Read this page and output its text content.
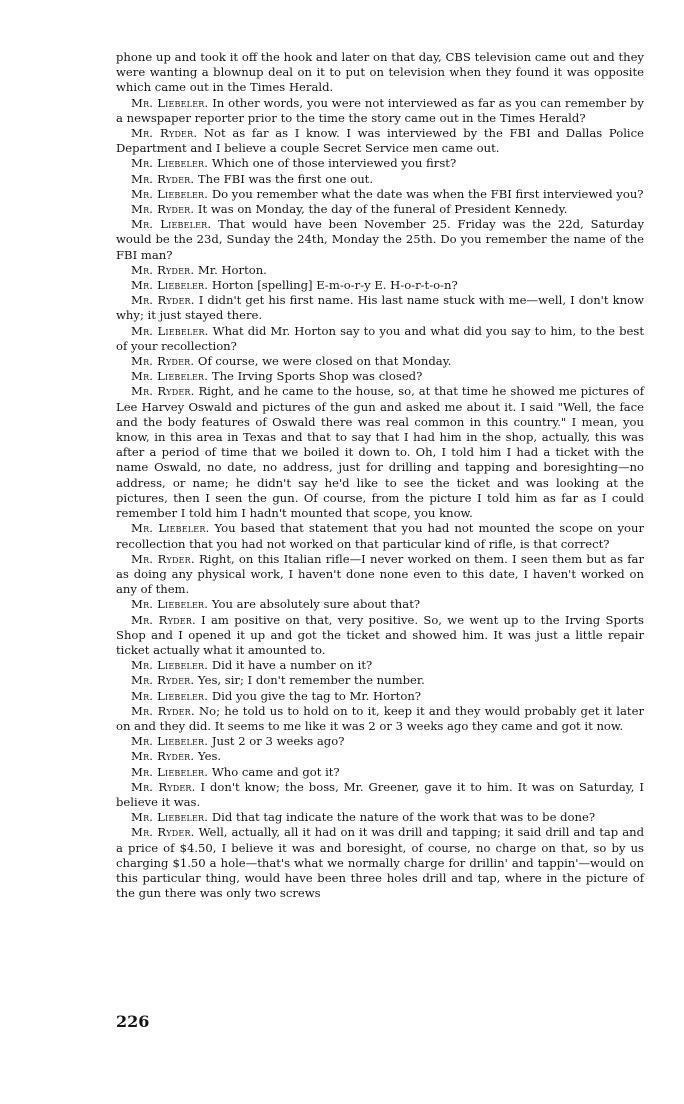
phone up and took it off the hook and later on that day, CBS television came out and they were wanting a blownup deal on it to put on television when they found it was opposite which came out in the Times Herald.

Mr. Liebeler. In other words, you were not interviewed as far as you can remember by a newspaper reporter prior to the time the story came out in the Times Herald?

Mr. Ryder. Not as far as I know. I was interviewed by the FBI and Dallas Police Department and I believe a couple Secret Service men came out.

Mr. Liebeler. Which one of those interviewed you first?

Mr. Ryder. The FBI was the first one out.

Mr. Liebeler. Do you remember what the date was when the FBI first interviewed you?

Mr. Ryder. It was on Monday, the day of the funeral of President Kennedy.

Mr. Liebeler. That would have been November 25. Friday was the 22d, Saturday would be the 23d, Sunday the 24th, Monday the 25th. Do you remember the name of the FBI man?

Mr. Ryder. Mr. Horton.

Mr. Liebeler. Horton [spelling] E-m-o-r-y E. H-o-r-t-o-n?

Mr. Ryder. I didn't get his first name. His last name stuck with me—well, I don't know why; it just stayed there.

Mr. Liebeler. What did Mr. Horton say to you and what did you say to him, to the best of your recollection?

Mr. Ryder. Of course, we were closed on that Monday.

Mr. Liebeler. The Irving Sports Shop was closed?

Mr. Ryder. Right, and he came to the house, so, at that time he showed me pictures of Lee Harvey Oswald and pictures of the gun and asked me about it. I said "Well, the face and the body features of Oswald there was real common in this country." I mean, you know, in this area in Texas and that to say that I had him in the shop, actually, this was after a period of time that we boiled it down to. Oh, I told him I had a ticket with the name Oswald, no date, no address, just for drilling and tapping and boresighting—no address, or name; he didn't say he'd like to see the ticket and was looking at the pictures, then I seen the gun. Of course, from the picture I told him as far as I could remember I told him I hadn't mounted that scope, you know.

Mr. Liebeler. You based that statement that you had not mounted the scope on your recollection that you had not worked on that particular kind of rifle, is that correct?

Mr. Ryder. Right, on this Italian rifle—I never worked on them. I seen them but as far as doing any physical work, I haven't done none even to this date, I haven't worked on any of them.

Mr. Liebeler. You are absolutely sure about that?

Mr. Ryder. I am positive on that, very positive. So, we went up to the Irving Sports Shop and I opened it up and got the ticket and showed him. It was just a little repair ticket actually what it amounted to.

Mr. Liebeler. Did it have a number on it?

Mr. Ryder. Yes, sir; I don't remember the number.

Mr. Liebeler. Did you give the tag to Mr. Horton?

Mr. Ryder. No; he told us to hold on to it, keep it and they would probably get it later on and they did. It seems to me like it was 2 or 3 weeks ago they came and got it now.

Mr. Liebeler. Just 2 or 3 weeks ago?

Mr. Ryder. Yes.

Mr. Liebeler. Who came and got it?

Mr. Ryder. I don't know; the boss, Mr. Greener, gave it to him. It was on Saturday, I believe it was.

Mr. Liebeler. Did that tag indicate the nature of the work that was to be done?

Mr. Ryder. Well, actually, all it had on it was drill and tapping; it said drill and tap and a price of $4.50, I believe it was and boresight, of course, no charge on that, so by us charging $1.50 a hole—that's what we normally charge for drillin' and tappin'—would on this particular thing, would have been three holes drill and tap, where in the picture of the gun there was only two screws

226
